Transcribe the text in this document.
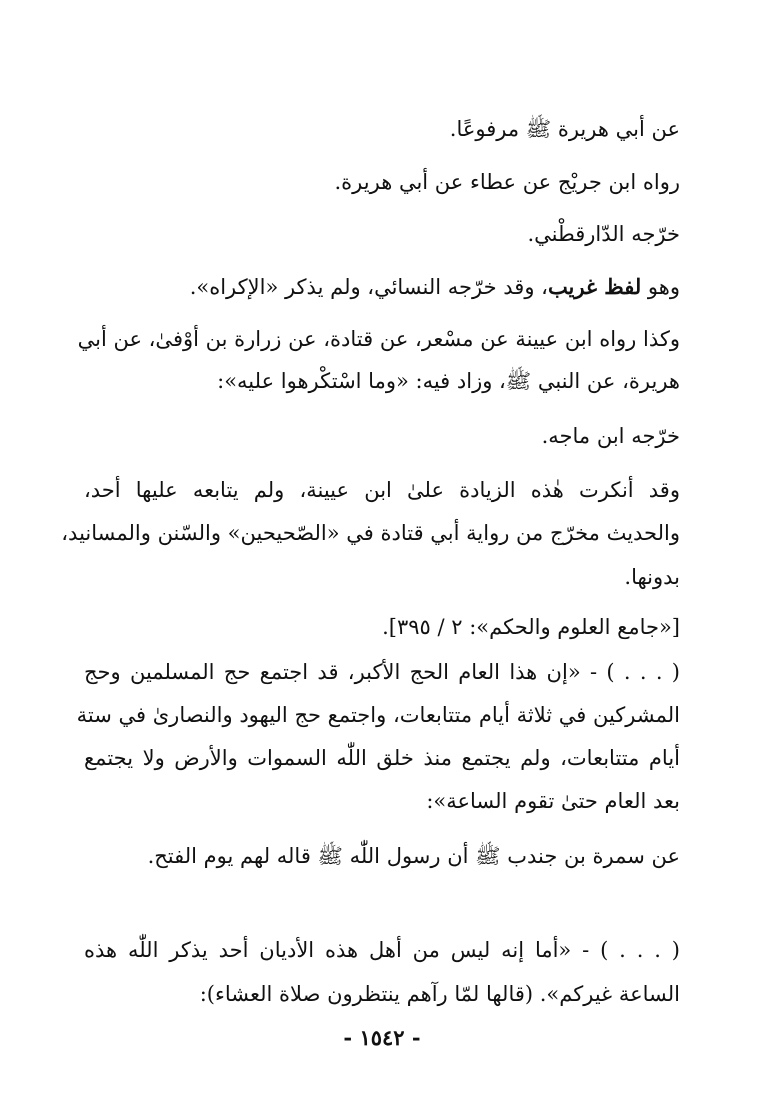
عن أبي هريرة ﷺ مرفوعًا.
رواه ابن جريْج عن عطاء عن أبي هريرة.
خرّجه الدّارقطْني.
وهو لفظ غريب، وقد خرّجه النسائي، ولم يذكر «الإكراه».
وكذا رواه ابن عيينة عن مسْعر، عن قتادة، عن زرارة بن أوْفىٰ، عن أبي
هريرة، عن النبي ﷺ، وزاد فيه: «وما اسْتكْرهوا عليه»:
خرّجه ابن ماجه.
وقد أنكرت هٰذه الزيادة علىٰ ابن عيينة، ولم يتابعه عليها أحد،
والحديث مخرّج من رواية أبي قتادة في «الصّحيحين» والسّنن والمسانيد،
بدونها.
[«جامع العلوم والحكم»: ٢ / ٣٩٥].
( . . . ) - «إن هذا العام الحج الأكبر، قد اجتمع حج المسلمين وحج
المشركين في ثلاثة أيام متتابعات، واجتمع حج اليهود والنصارىٰ في ستة
أيام متتابعات، ولم يجتمع منذ خلق اللّٰه السموات والأرض ولا يجتمع
بعد العام حتىٰ تقوم الساعة»:
عن سمرة بن جندب ﷺ أن رسول اللّٰه ﷺ قاله لهم يوم الفتح.
( . . . ) - «أما إنه ليس من أهل هذه الأديان أحد يذكر اللّٰه هذه
الساعة غيركم». (قالها لمّا رآهم ينتظرون صلاة العشاء):
- ١٥٤٢ -
